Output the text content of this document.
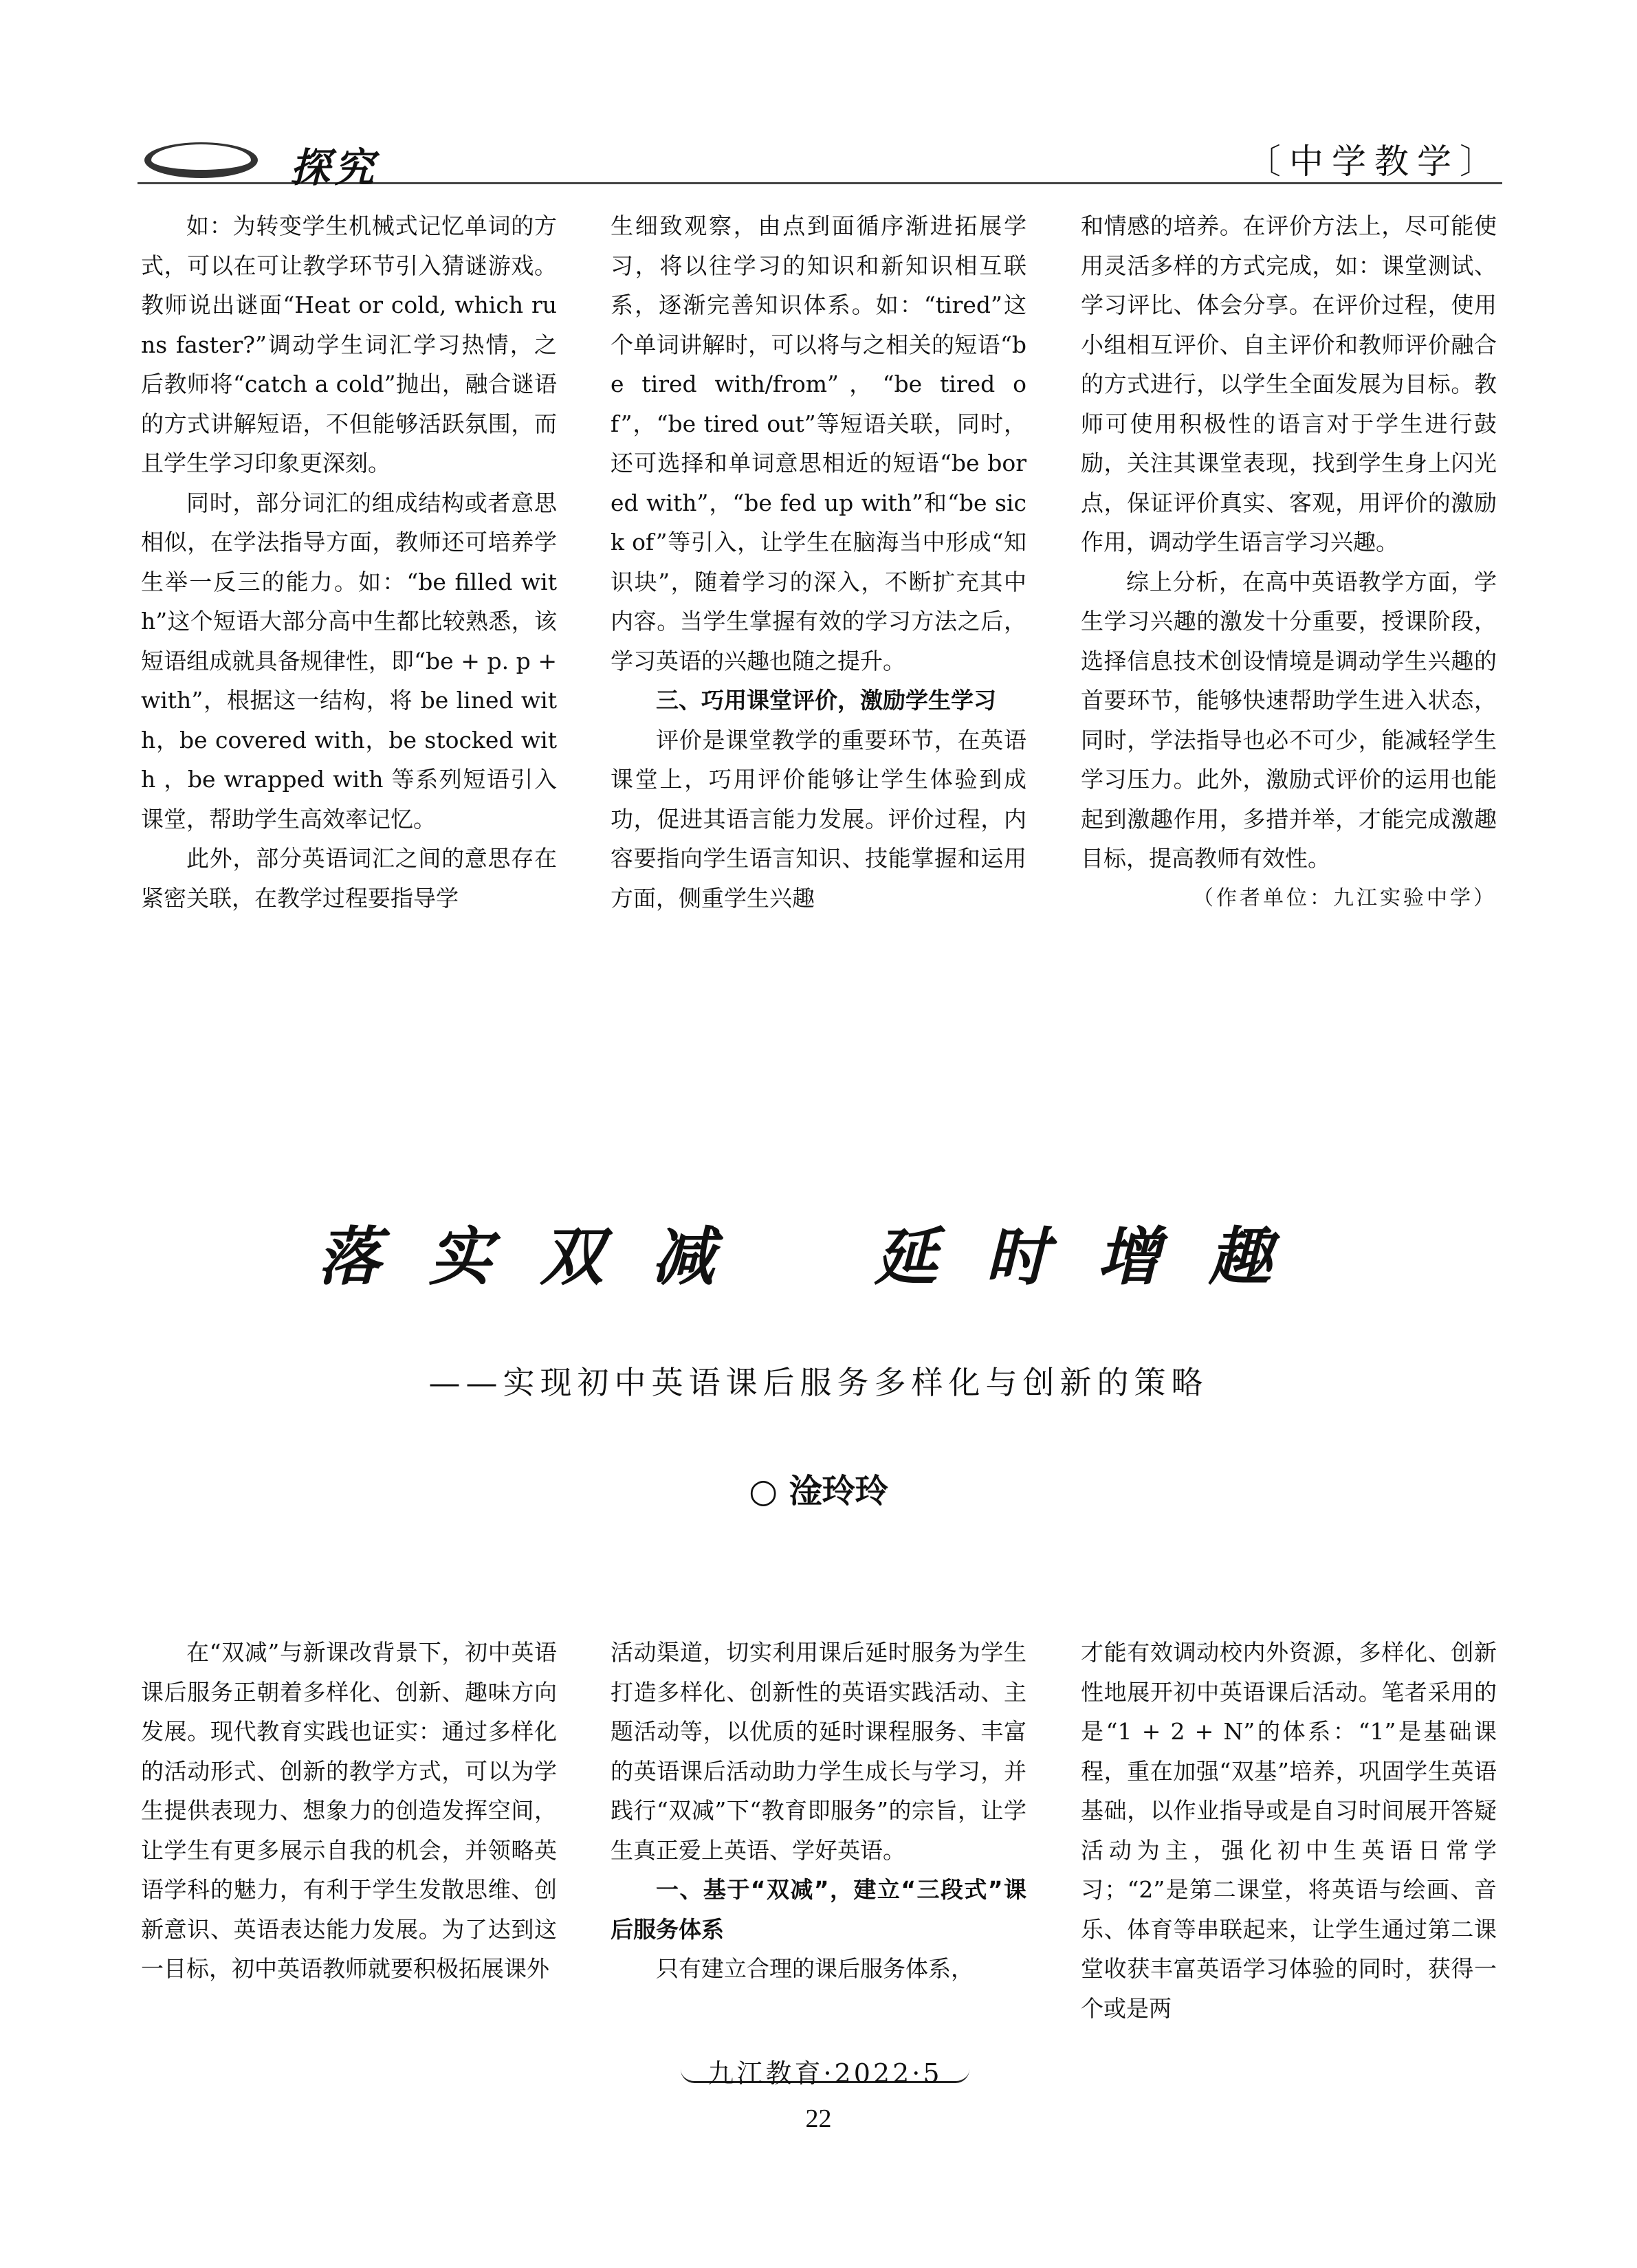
探究	〔中学教学〕

如：为转变学生机械式记忆单词的方式，可以在可让教学环节引入猜谜游戏。教师说出谜面“Heat or cold, which runs faster?”调动学生词汇学习热情，之后教师将“catch a cold”抛出，融合谜语的方式讲解短语，不但能够活跃氛围，而且学生学习印象更深刻。

同时，部分词汇的组成结构或者意思相似，在学法指导方面，教师还可培养学生举一反三的能力。如：“be filled with”这个短语大部分高中生都比较熟悉，该短语组成就具备规律性，即“be + p. p + with”，根据这一结构，将 be lined with，be covered with，be stocked with ，be wrapped with 等系列短语引入课堂，帮助学生高效率记忆。

此外，部分英语词汇之间的意思存在紧密关联，在教学过程要指导学

生细致观察，由点到面循序渐进拓展学习，将以往学习的知识和新知识相互联系，逐渐完善知识体系。如：“tired”这个单词讲解时，可以将与之相关的短语“be tired with/from”，“be tired of”，“be tired out”等短语关联，同时，还可选择和单词意思相近的短语“be bored with”，“be fed up with”和“be sick of”等引入，让学生在脑海当中形成“知识块”，随着学习的深入，不断扩充其中内容。当学生掌握有效的学习方法之后，学习英语的兴趣也随之提升。

三、巧用课堂评价，激励学生学习

评价是课堂教学的重要环节，在英语课堂上，巧用评价能够让学生体验到成功，促进其语言能力发展。评价过程，内容要指向学生语言知识、技能掌握和运用方面，侧重学生兴趣

和情感的培养。在评价方法上，尽可能使用灵活多样的方式完成，如：课堂测试、学习评比、体会分享。在评价过程，使用小组相互评价、自主评价和教师评价融合的方式进行，以学生全面发展为目标。教师可使用积极性的语言对于学生进行鼓励，关注其课堂表现，找到学生身上闪光点，保证评价真实、客观，用评价的激励作用，调动学生语言学习兴趣。

综上分析，在高中英语教学方面，学生学习兴趣的激发十分重要，授课阶段，选择信息技术创设情境是调动学生兴趣的首要环节，能够快速帮助学生进入状态，同时，学法指导也必不可少，能减轻学生学习压力。此外，激励式评价的运用也能起到激趣作用，多措并举，才能完成激趣目标，提高教师有效性。

（作者单位：九江实验中学）

落实双减　延时增趣
——实现初中英语课后服务多样化与创新的策略
○ 淦玲玲

在“双减”与新课改背景下，初中英语课后服务正朝着多样化、创新、趣味方向发展。现代教育实践也证实：通过多样化的活动形式、创新的教学方式，可以为学生提供表现力、想象力的创造发挥空间，让学生有更多展示自我的机会，并领略英语学科的魅力，有利于学生发散思维、创新意识、英语表达能力发展。为了达到这一目标，初中英语教师就要积极拓展课外

活动渠道，切实利用课后延时服务为学生打造多样化、创新性的英语实践活动、主题活动等，以优质的延时课程服务、丰富的英语课后活动助力学生成长与学习，并践行“双减”下“教育即服务”的宗旨，让学生真正爱上英语、学好英语。

一、基于“双减”，建立“三段式”课后服务体系

只有建立合理的课后服务体系，

才能有效调动校内外资源，多样化、创新性地展开初中英语课后活动。笔者采用的是“1 + 2 + N”的体系：“1”是基础课程，重在加强“双基”培养，巩固学生英语基础，以作业指导或是自习时间展开答疑活动为主，强化初中生英语日常学习；“2”是第二课堂，将英语与绘画、音乐、体育等串联起来，让学生通过第二课堂收获丰富英语学习体验的同时，获得一个或是两

九江教育·2022·5
22
